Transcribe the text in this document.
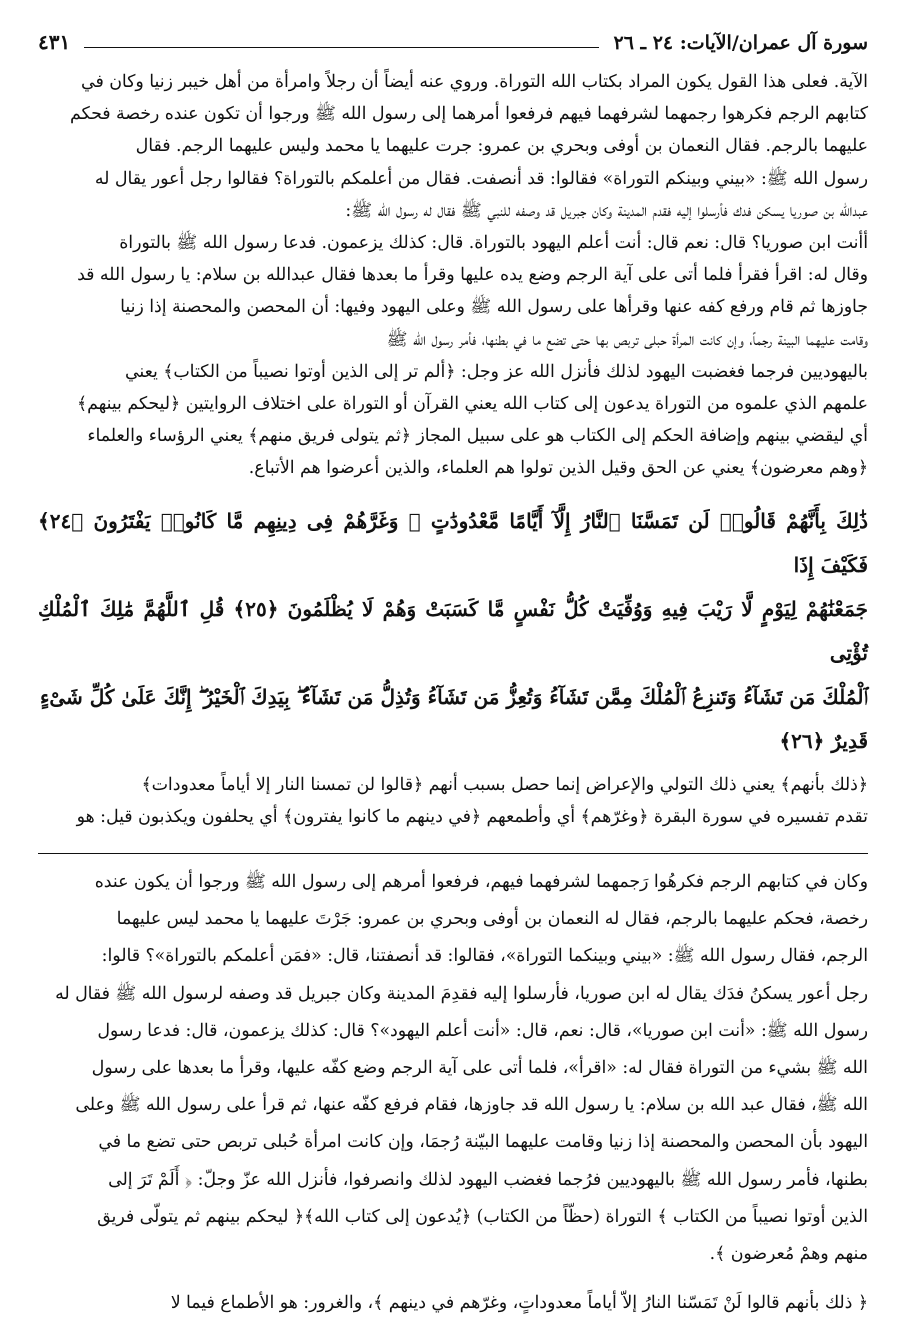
سورة آل عمران/الآيات: ٢٤ ـ ٢٦
٤٣١

الآية. فعلى هذا القول يكون المراد بكتاب الله التوراة. وروي عنه أيضاً أن رجلاً وامرأة من أهل خيبر زنيا وكان في

كتابهم الرجم فكرهوا رجمهما لشرفهما فيهم فرفعوا أمرهما إلى رسول الله ﷺ ورجوا أن تكون عنده رخصة فحكم

عليهما بالرجم. فقال النعمان بن أوفى وبحري بن عمرو: جرت عليهما يا محمد وليس عليهما الرجم. فقال

رسول الله ﷺ: «بيني وبينكم التوراة» فقالوا: قد أنصفت. فقال من أعلمكم بالتوراة؟ فقالوا رجل أعور يقال له

عبدالله بن صوريا يسكن فدك فأرسلوا إليه فقدم المدينة وكان جبريل قد وصفه للنبي ﷺ فقال له رسول الله ﷺ:

أأنت ابن صوريا؟ قال: نعم قال: أنت أعلم اليهود بالتوراة. قال: كذلك يزعمون. فدعا رسول الله ﷺ بالتوراة

وقال له: اقرأ فقرأ فلما أتى على آية الرجم وضع يده عليها وقرأ ما بعدها فقال عبدالله بن سلام: يا رسول الله قد

جاوزها ثم قام ورفع كفه عنها وقرأها على رسول الله ﷺ وعلى اليهود وفيها: أن المحصن والمحصنة إذا زنيا

وقامت عليهما البينة رجماً، وإن كانت المرأة حبلى تربص بها حتى تضع ما في بطنها، فأمر رسول الله ﷺ

باليهوديين فرجما فغضبت اليهود لذلك فأنزل الله عز وجل: ﴿ألم تر إلى الذين أوتوا نصيباً من الكتاب﴾ يعني

علمهم الذي علموه من التوراة يدعون إلى كتاب الله يعني القرآن أو التوراة على اختلاف الروايتين ﴿ليحكم بينهم﴾

أي ليقضي بينهم وإضافة الحكم إلى الكتاب هو على سبيل المجاز ﴿ثم يتولى فريق منهم﴾ يعني الرؤساء والعلماء

﴿وهم معرضون﴾ يعني عن الحق وقيل الذين تولوا هم العلماء، والذين أعرضوا هم الأتباع.

ذَٰلِكَ بِأَنَّهُمْ قَالُوا۟ لَن تَمَسَّنَا ٱلنَّارُ إِلَّآ أَيَّامًا مَّعْدُودَٰتٍ ۖ وَغَرَّهُمْ فِى دِينِهِم مَّا كَانُوا۟ يَفْتَرُونَ ﴿٢٤﴾ فَكَيْفَ إِذَا

جَمَعْنَٰهُمْ لِيَوْمٍ لَّا رَيْبَ فِيهِ وَوُفِّيَتْ كُلُّ نَفْسٍ مَّا كَسَبَتْ وَهُمْ لَا يُظْلَمُونَ ﴿٢٥﴾ قُلِ ٱللَّهُمَّ مَٰلِكَ ٱلْمُلْكِ تُؤْتِى

ٱلْمُلْكَ مَن تَشَآءُ وَتَنزِعُ ٱلْمُلْكَ مِمَّن تَشَآءُ وَتُعِزُّ مَن تَشَآءُ وَتُذِلُّ مَن تَشَآءُ ۖ بِيَدِكَ ٱلْخَيْرُ ۖ إِنَّكَ عَلَىٰ كُلِّ شَىْءٍ

قَدِيرٌ ﴿٢٦﴾

﴿ذلك بأنهم﴾ يعني ذلك التولي والإعراض إنما حصل بسبب أنهم ﴿قالوا لن تمسنا النار إلا أياماً معدودات﴾

تقدم تفسيره في سورة البقرة ﴿وغرّهم﴾ أي وأطمعهم ﴿في دينهم ما كانوا يفترون﴾ أي يحلفون ويكذبون قيل: هو

وكان في كتابهم الرجم فكرهُوا رَجمهما لشرفهما فيهم، فرفعوا أمرهم إلى رسول الله ﷺ ورجوا أن يكون عنده

رخصة، فحكم عليهما بالرجم، فقال له النعمان بن أوفى وبحري بن عمرو: جَرْتَ عليهما يا محمد ليس عليهما

الرجم، فقال رسول الله ﷺ: «بيني وبينكما التوراة»، فقالوا: قد أنصفتنا، قال: «فمَن أعلمكم بالتوراة»؟ قالوا:

رجل أعور يسكنُ فدَك يقال له ابن صوريا، فأرسلوا إليه فقدِمَ المدينة وكان جبريل قد وصفه لرسول الله ﷺ فقال له

رسول الله ﷺ: «أنت ابن صوريا»، قال: نعم، قال: «أنت أعلم اليهود»؟ قال: كذلك يزعمون، قال: فدعا رسول

الله ﷺ بشيء من التوراة فقال له: «اقرأ»، فلما أتى على آية الرجم وضع كفّه عليها، وقرأ ما بعدها على رسول

الله ﷺ، فقال عبد الله بن سلام: يا رسول الله قد جاوزها، فقام فرفع كفّه عنها، ثم قرأ على رسول الله ﷺ وعلى

اليهود بأن المحصن والمحصنة إذا زنيا وقامت عليهما البيّنة رُجمَا، وإن كانت امرأة حُبلى تربص حتى تضع ما في

بطنها، فأمر رسول الله ﷺ باليهوديين فرُجما فغضب اليهود لذلك وانصرفوا، فأنزل الله عزّ وجلّ: ﴿ أَلَمْ تَرَ إلى

الذين أوتوا نصيباً من الكتاب ﴾ التوراة (حظّاً من الكتاب) ﴿يُدعون إلى كتاب الله﴾﴿ ليحكم بينهم ثم يتولّى فريق

منهم وهمْ مُعرضون ﴾.

﴿ ذلك بأنهم قالوا لَنْ تَمَسّنا النارُ إلاّ أياماً معدوداتٍ، وغرّهم في دينهم ﴾، والغرور: هو الأطماع فيما لا
